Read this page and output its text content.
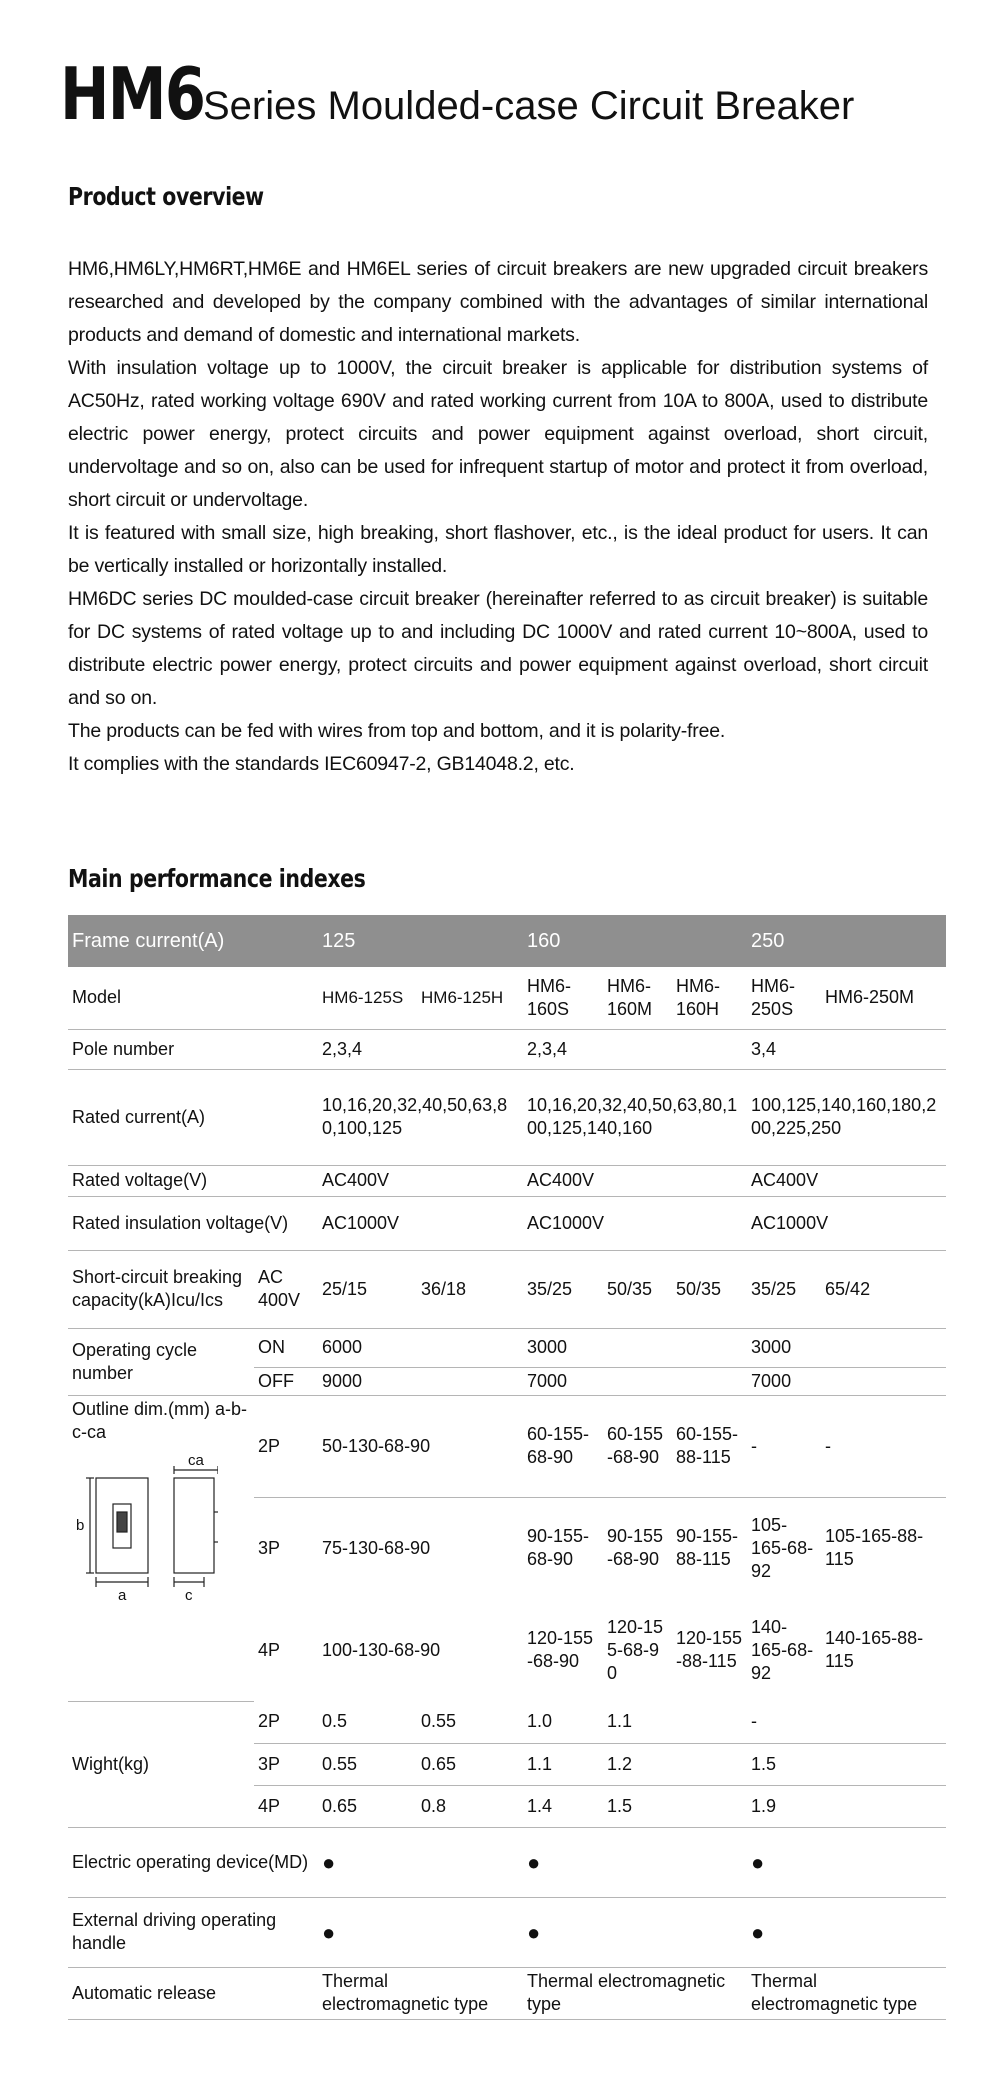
HM6Series Moulded-case Circuit Breaker
Product overview

HM6,HM6LY,HM6RT,HM6E and HM6EL series of circuit breakers are new upgraded circuit breakers researched and developed by the company combined with the advantages of similar international products and demand of domestic and international markets.

With insulation voltage up to 1000V, the circuit breaker is applicable for distribution systems of AC50Hz, rated working voltage 690V and rated working current from 10A to 800A, used to distribute electric power energy, protect circuits and power equipment against overload, short circuit, undervoltage and so on, also can be used for infrequent startup of motor and protect it from overload, short circuit or undervoltage.

It is featured with small size, high breaking, short flashover, etc., is the ideal product for users. It can be vertically installed or horizontally installed.

HM6DC series DC moulded-case circuit breaker (hereinafter referred to as circuit breaker) is suitable for DC systems of rated voltage up to and including DC 1000V and rated current 10~800A, used to distribute electric power energy, protect circuits and power equipment against overload, short circuit and so on.

The products can be fed with wires from top and bottom, and it is polarity-free.

It complies with the standards IEC60947-2, GB14048.2, etc.

Main performance indexes
Frame current(A)		125		160			250	
Model		HM6-125S	HM6-125H	HM6-160S	HM6-160M	HM6-160H	HM6-250S	HM6-250M
Pole number		2,3,4		2,3,4			3,4	
Rated current(A)		10,16,20,32,40,50,63,80,100,125		10,16,20,32,40,50,63,80,100,125,140,160			100,125,140,160,180,200,225,250	
Rated voltage(V)		AC400V		AC400V			AC400V	
Rated insulation voltage(V)		AC1000V		AC1000V			AC1000V	
Short-circuit breaking capacity(kA)Icu/Ics	AC 400V	25/15	36/18	35/25	50/35	50/35	35/25	65/42
Operating cycle number	ON	6000		3000			3000	
	OFF	9000		7000			7000	

Outline dim.(mm) a-b-c-ca
b
a c
ca	2P	50-130-68-90		60-155-68-90	60-155-68-90	60-155-88-115	-	-
	3P	75-130-68-90		90-155-68-90	90-155-68-90	90-155-88-115	105-165-68-92	105-165-88-115
	4P	100-130-68-90		120-155-68-90	120-155-68-90	120-155-88-115	140-165-68-92	140-165-88-115
Wight(kg)	2P	0.5	0.55	1.0	1.1		-	
	3P	0.55	0.65	1.1	1.2		1.5	
	4P	0.65	0.8	1.4	1.5		1.9	
Electric operating device(MD)		●		●			●	
External driving operating handle		●		●			●	
Automatic release		Thermal electromagnetic type		Thermal electromagnetic type			Thermal electromagnetic type	
